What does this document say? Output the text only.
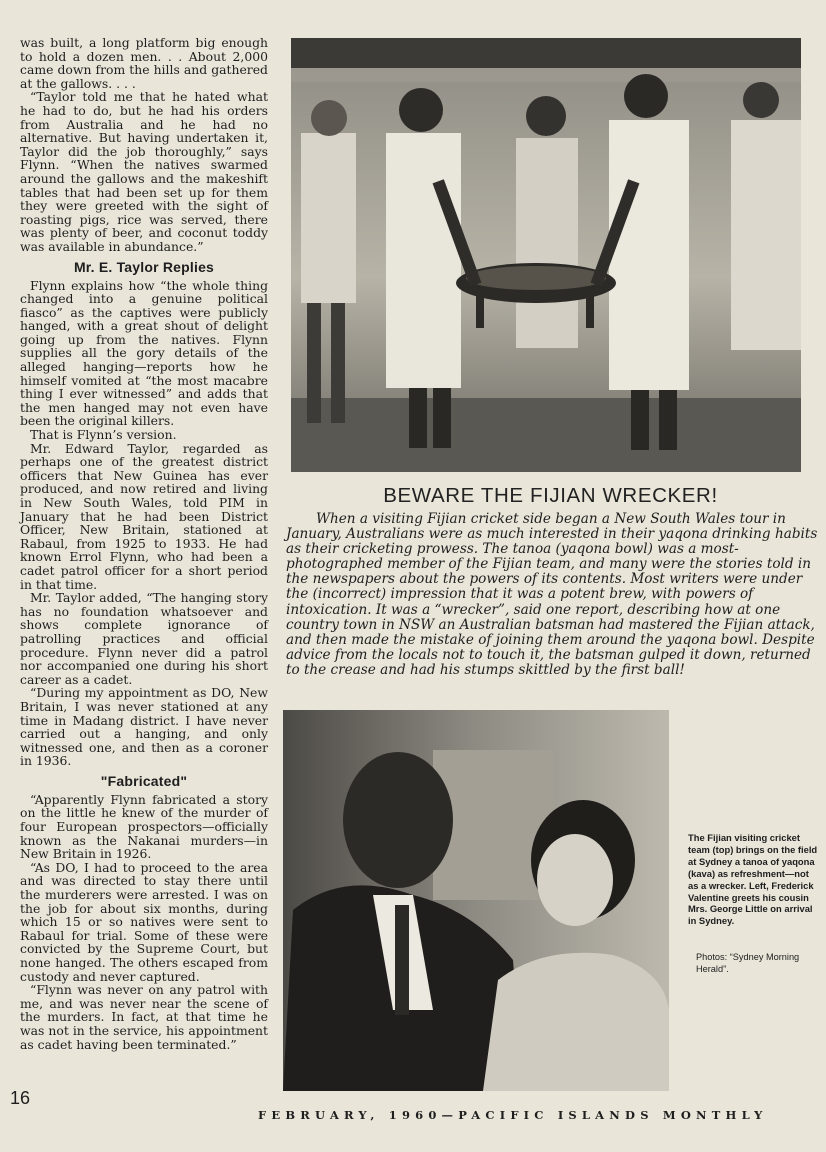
was built, a long platform big enough to hold a dozen men. . . About 2,000 came down from the hills and gathered at the gallows. . . .

“Taylor told me that he hated what he had to do, but he had his orders from Australia and he had no alternative. But having undertaken it, Taylor did the job thoroughly,” says Flynn. “When the natives swarmed around the gallows and the makeshift tables that had been set up for them they were greeted with the sight of roasting pigs, rice was served, there was plenty of beer, and coconut toddy was available in abundance.”

Mr. E. Taylor Replies

Flynn explains how “the whole thing changed into a genuine political fiasco” as the captives were publicly hanged, with a great shout of delight going up from the natives. Flynn supplies all the gory details of the alleged hanging—reports how he himself vomited at “the most macabre thing I ever witnessed” and adds that the men hanged may not even have been the original killers.

That is Flynn’s version.

Mr. Edward Taylor, regarded as perhaps one of the greatest district officers that New Guinea has ever produced, and now retired and living in New South Wales, told PIM in January that he had been District Officer, New Britain, stationed at Rabaul, from 1925 to 1933. He had known Errol Flynn, who had been a cadet patrol officer for a short period in that time.

Mr. Taylor added, “The hanging story has no foundation whatsoever and shows complete ignorance of patrolling practices and official procedure. Flynn never did a patrol nor accompanied one during his short career as a cadet.

“During my appointment as DO, New Britain, I was never stationed at any time in Madang district. I have never carried out a hanging, and only witnessed one, and then as a coroner in 1936.

"Fabricated"

“Apparently Flynn fabricated a story on the little he knew of the murder of four European prospectors—officially known as the Nakanai murders—in New Britain in 1926.

“As DO, I had to proceed to the area and was directed to stay there until the murderers were arrested. I was on the job for about six months, during which 15 or so natives were sent to Rabaul for trial. Some of these were convicted by the Supreme Court, but none hanged. The others escaped from custody and never captured.

“Flynn was never on any patrol with me, and was never near the scene of the murders. In fact, at that time he was not in the service, his appointment as cadet having been terminated.”

BEWARE THE FIJIAN WRECKER!

When a visiting Fijian cricket side began a New South Wales tour in January, Australians were as much interested in their yaqona drinking habits as their cricketing prowess. The tanoa (yaqona bowl) was a most-photographed member of the Fijian team, and many were the stories told in the newspapers about the powers of its contents. Most writers were under the (incorrect) impression that it was a potent brew, with powers of intoxication. It was a “wrecker”, said one report, describing how at one country town in NSW an Australian batsman had mastered the Fijian attack, and then made the mistake of joining them around the yaqona bowl. Despite advice from the locals not to touch it, the batsman gulped it down, returned to the crease and had his stumps skittled by the first ball!

The Fijian visiting cricket team (top) brings on the field at Sydney a tanoa of yaqona (kava) as refreshment—not as a wrecker. Left, Frederick Valentine greets his cousin Mrs. George Little on arrival in Sydney.
Photos: “Sydney Morning Herald”.
16
FEBRUARY, 1960—PACIFIC ISLANDS MONTHLY
